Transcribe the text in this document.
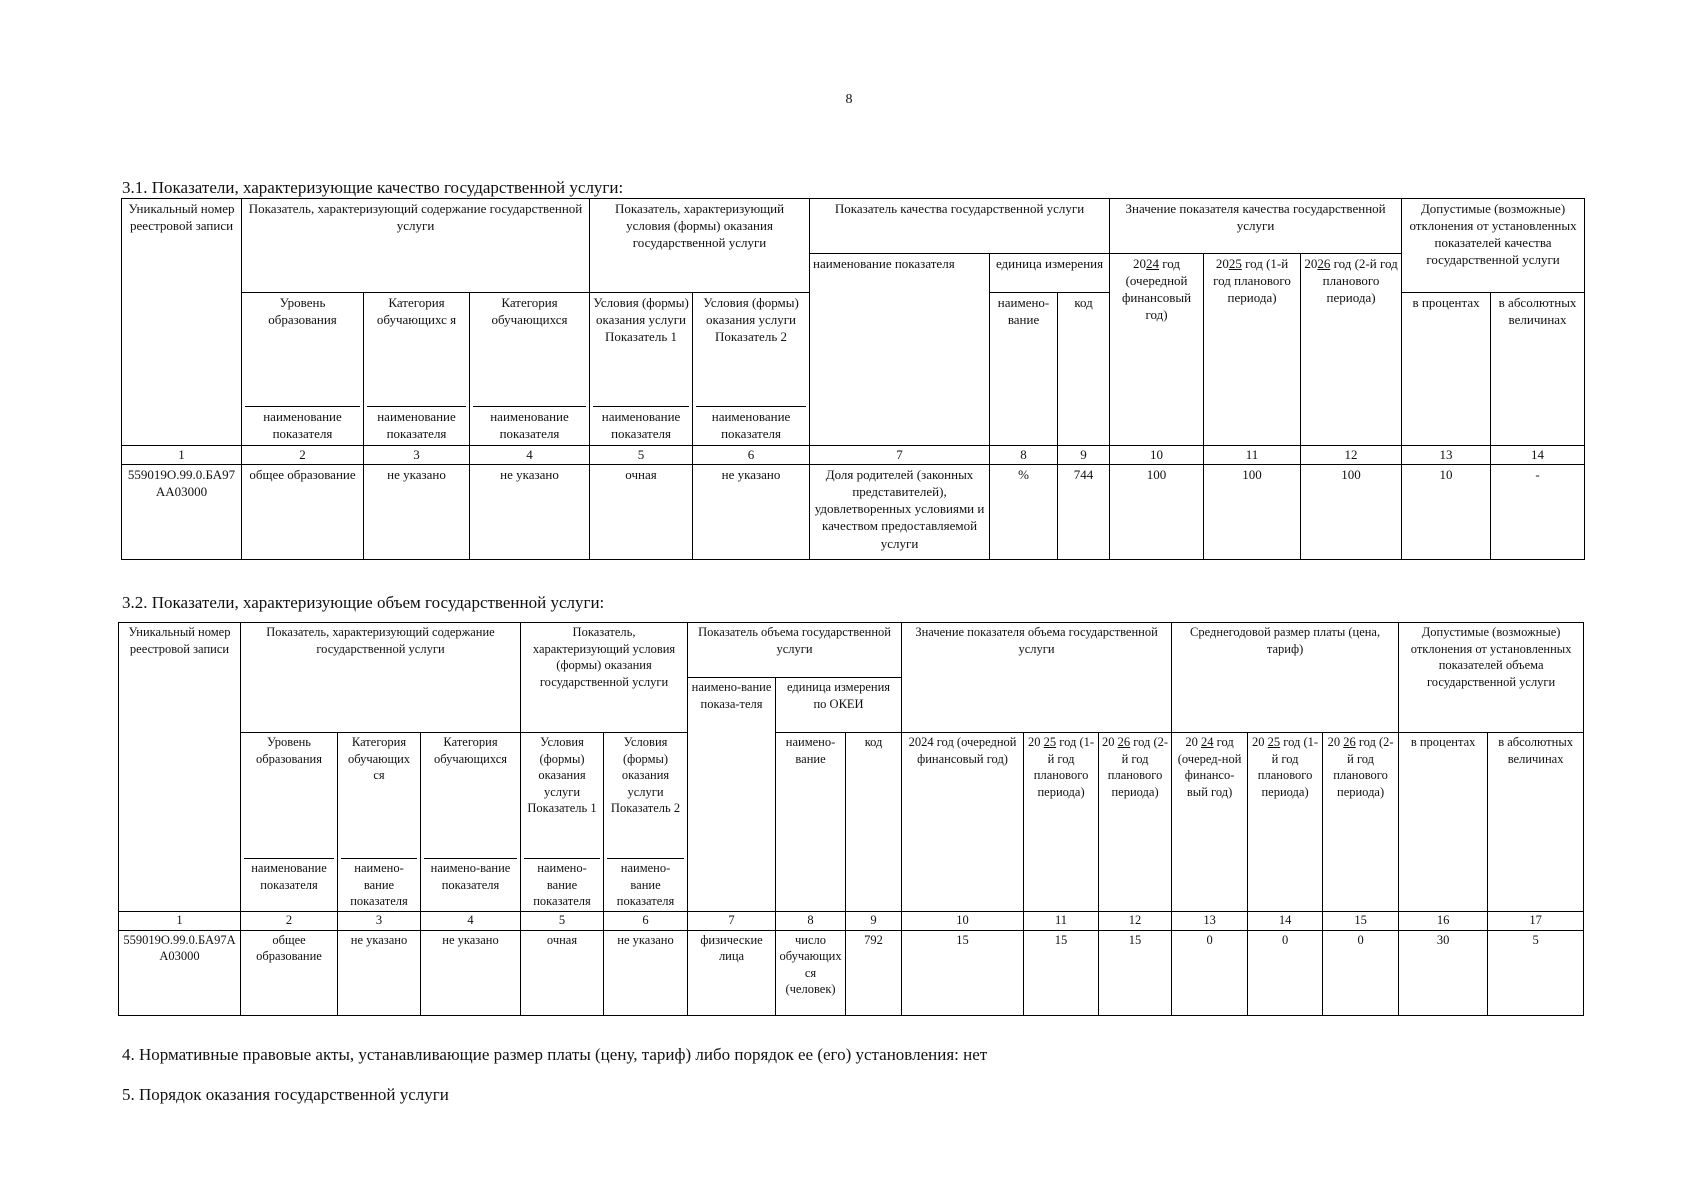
8
3.1. Показатели, характеризующие качество государственной услуги:
Уникальный номер реестровой записи	Показатель, характеризующий содержание государственной услуги			Показатель, характеризующий условия (формы) оказания государственной услуги		Показатель качества государственной услуги			Значение показателя качества государственной услуги			Допустимые (возможные) отклонения от установленных показателей качества государственной услуги	
						наименование показателя	единица измерения		2024 год (очередной финансовый год)	2025 год (1-й год планового периода)	2026 год (2-й год планового периода)		
	Уровень образования	Категория обучающихс я	Категория обучающихся	Условия (формы) оказания услуги Показатель 1	Условия (формы) оказания услуги Показатель 2		наимено-вание	код				в процентах	в абсолютных величинах

	наименование показателя	наименование показателя	наименование показателя	наименование показателя	наименование показателя								

1	2	3	4	5	6	7	8	9	10	11	12	13	14
559019О.99.0.БА97АА03000	общее образование	не указано	не указано	очная	не указано	Доля родителей (законных представителей), удовлетворенных условиями и качеством предоставляемой услуги	%	744	100	100	100	10	-
3.2. Показатели, характеризующие объем государственной услуги:
Уникальный номер реестровой записи	Показатель, характеризующий содержание государственной услуги			Показатель, характеризующий условия (формы) оказания государственной услуги		Показатель объема государственной услуги			Значение показателя объема государственной услуги			Среднегодовой размер платы (цена, тариф)			Допустимые (возможные) отклонения от установленных показателей объема государственной услуги	
						наимено-вание показа-теля	единица измерения по ОКЕИ									
	Уровень образования	Категория обучающих ся	Категория обучающихся	Условия (формы) оказания услуги Показатель 1	Условия (формы) оказания услуги Показатель 2		наимено-вание	код	2024 год (очередной финансовый год)	20 25 год (1-й год планового периода)	20 26 год (2-й год планового периода)	20 24 год (очеред-ной финансо-вый год)	20 25 год (1-й год планового периода)	20 26 год (2-й год планового периода)	в процентах	в абсолютных величинах

	наименование показателя	наимено-вание показателя	наимено-вание показателя	наимено-вание показателя	наимено-вание показателя											

1	2	3	4	5	6	7	8	9	10	11	12	13	14	15	16	17
559019О.99.0.БА97АА03000	общее образование	не указано	не указано	очная	не указано	физические лица	число обучающихся (человек)	792	15	15	15	0	0	0	30	5
4. Нормативные правовые акты, устанавливающие размер платы (цену, тариф) либо порядок ее (его) установления: нет
5. Порядок оказания государственной услуги
